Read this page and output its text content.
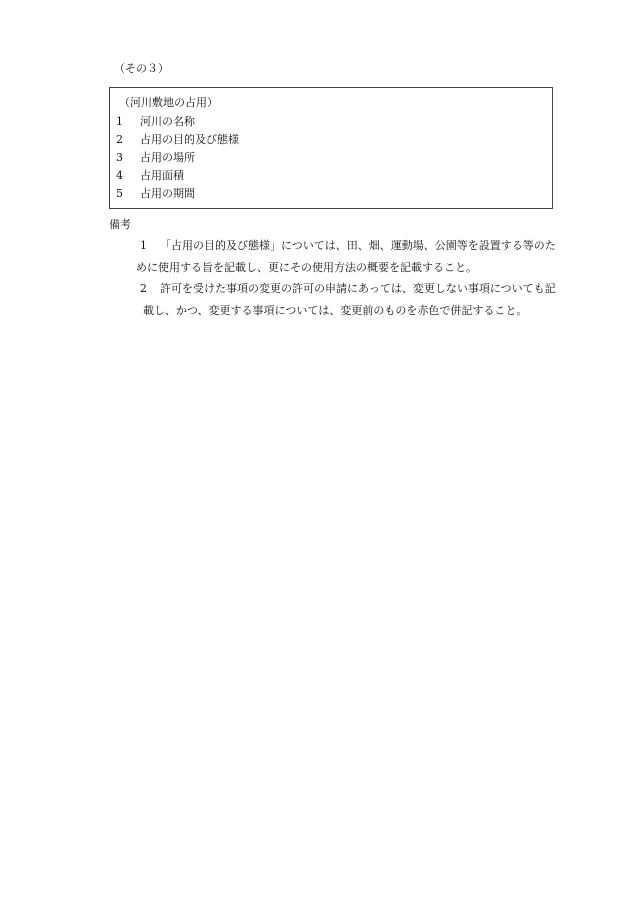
（その３）
（河川敷地の占用）
1 河川の名称
2 占用の目的及び態様
3 占用の場所
4 占用面積
5 占用の期間
備考
1 「占用の目的及び態様」については、田、畑、運動場、公園等を設置する等のた
めに使用する旨を記載し、更にその使用方法の概要を記載すること。
2 許可を受けた事項の変更の許可の申請にあっては、変更しない事項についても記
載し、かつ、変更する事項については、変更前のものを赤色で併記すること。
